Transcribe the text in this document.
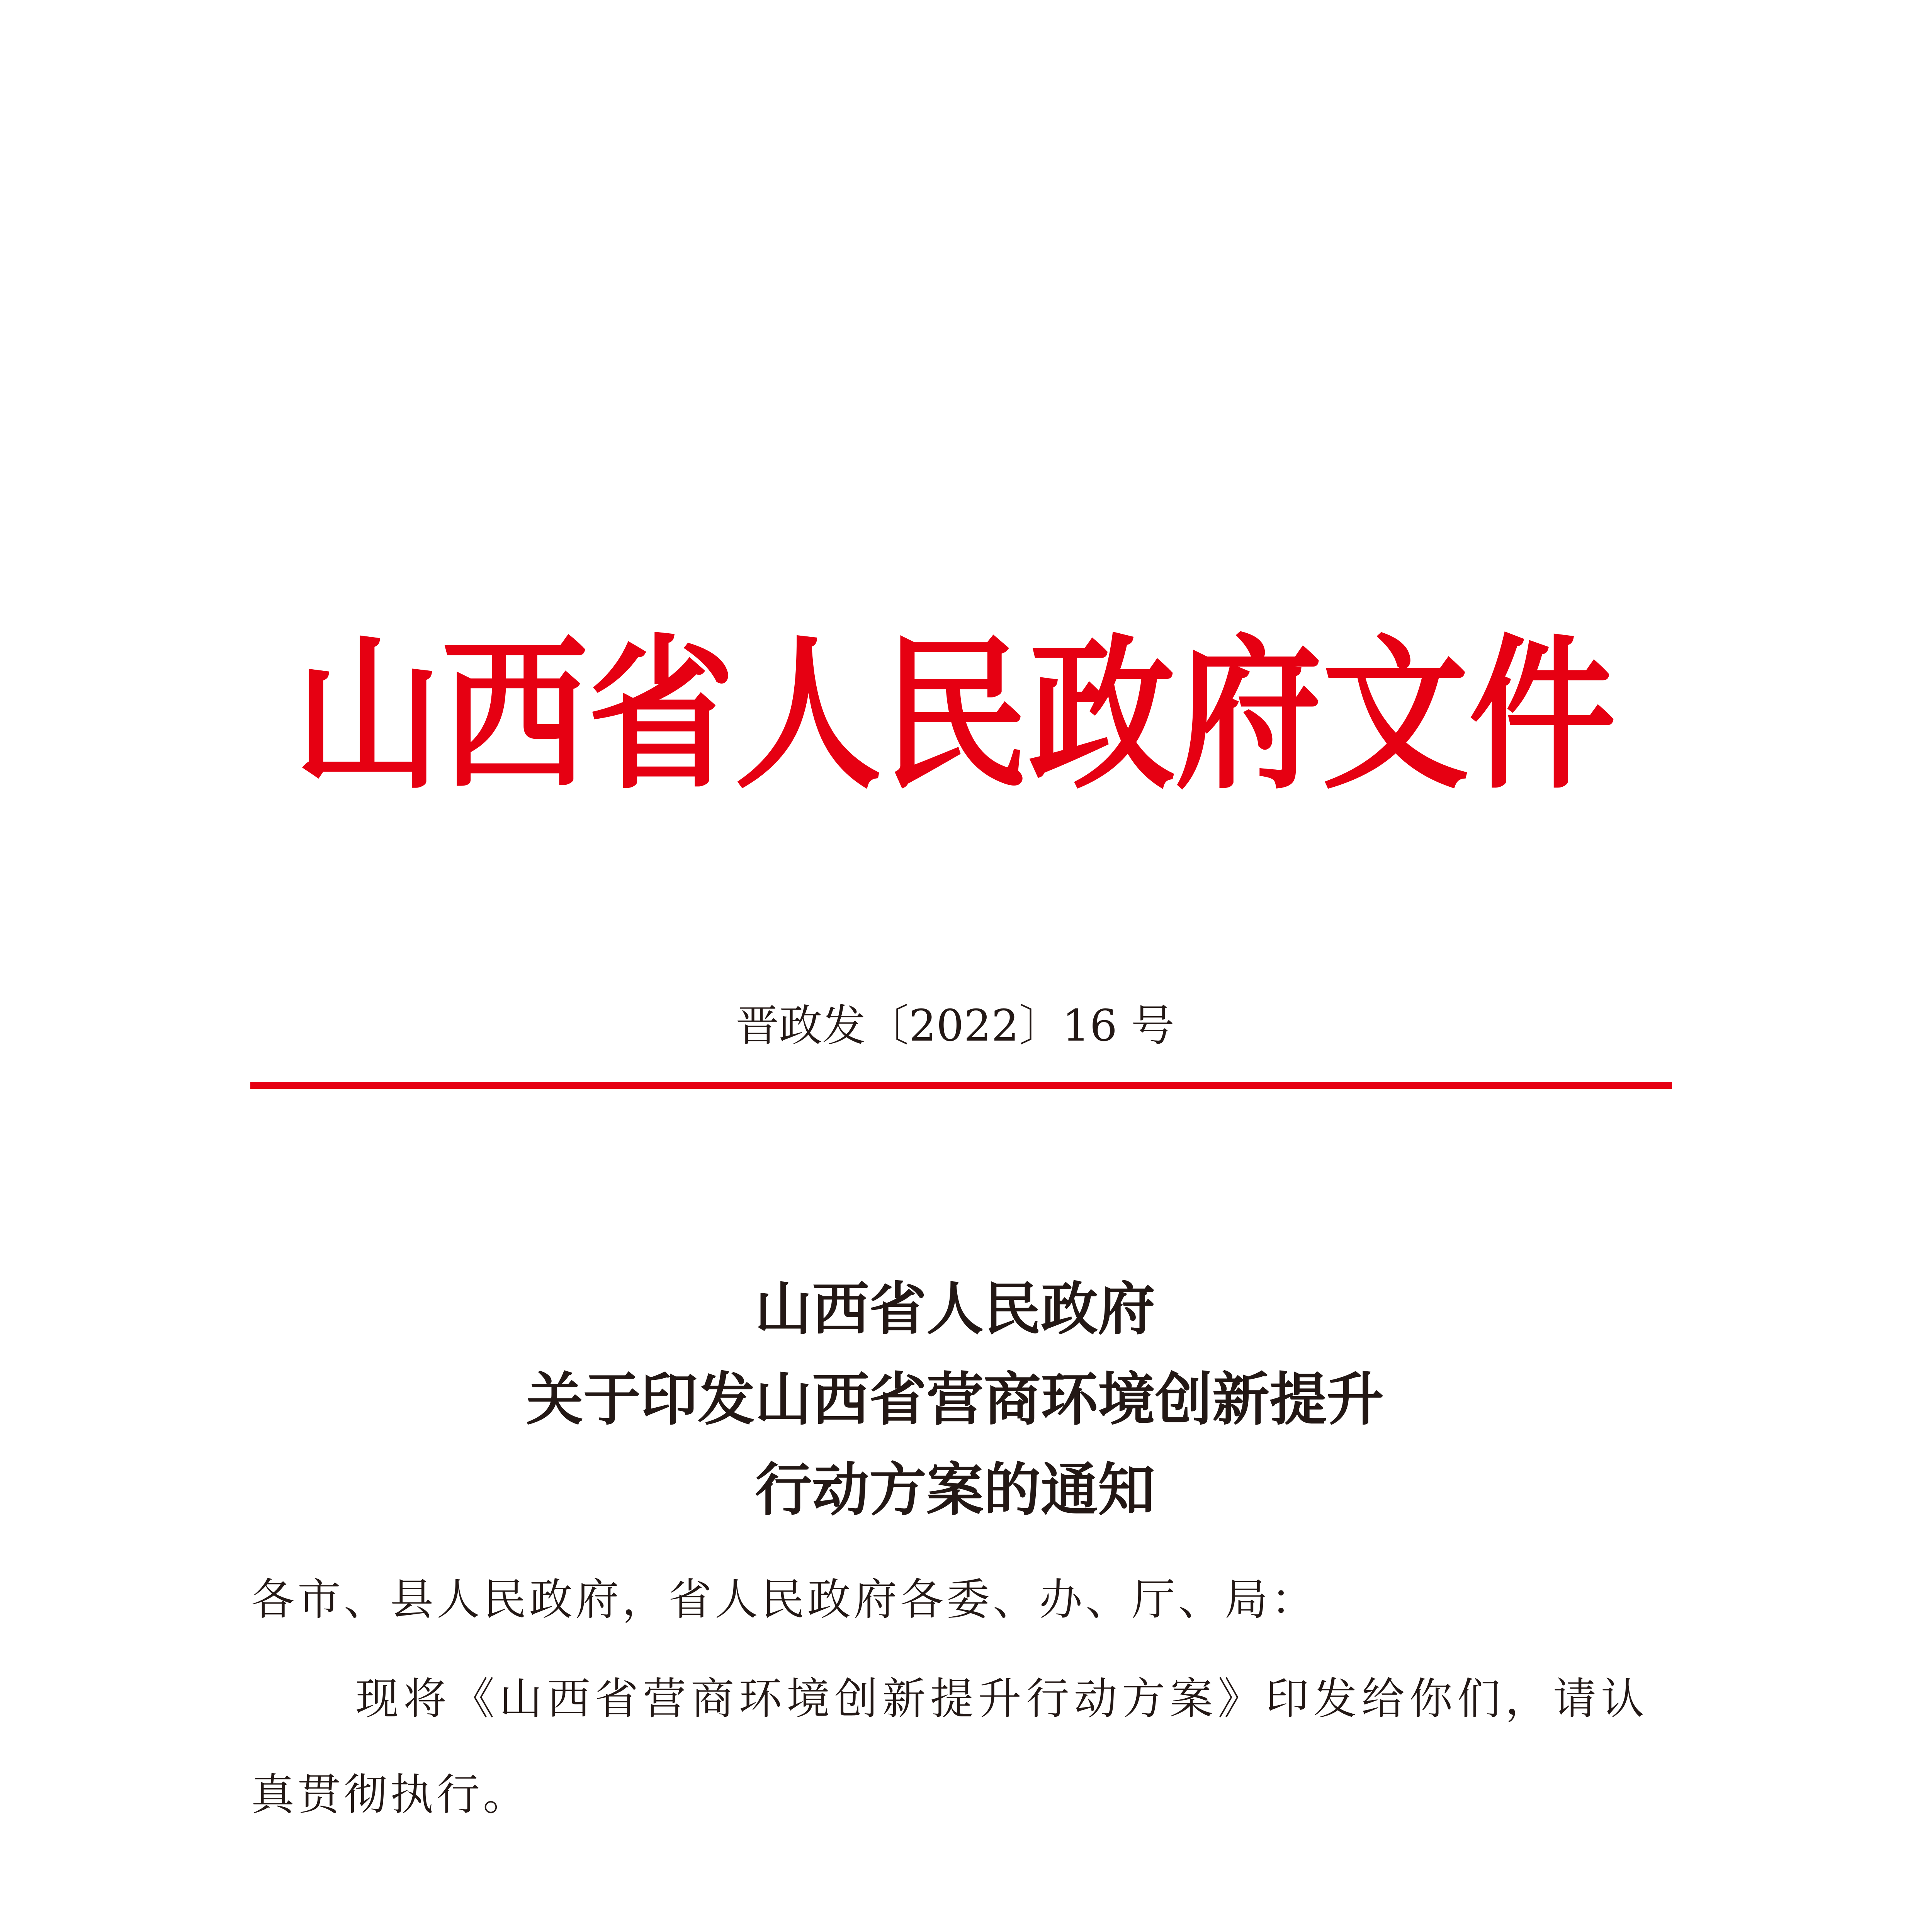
山西省人民政府文件
晋政发〔2022〕16 号
山西省人民政府
关于印发山西省营商环境创新提升
行动方案的通知
各市、县人民政府，省人民政府各委、办、厅、局：
现将《山西省营商环境创新提升行动方案》印发给你们，请认
真贯彻执行。
